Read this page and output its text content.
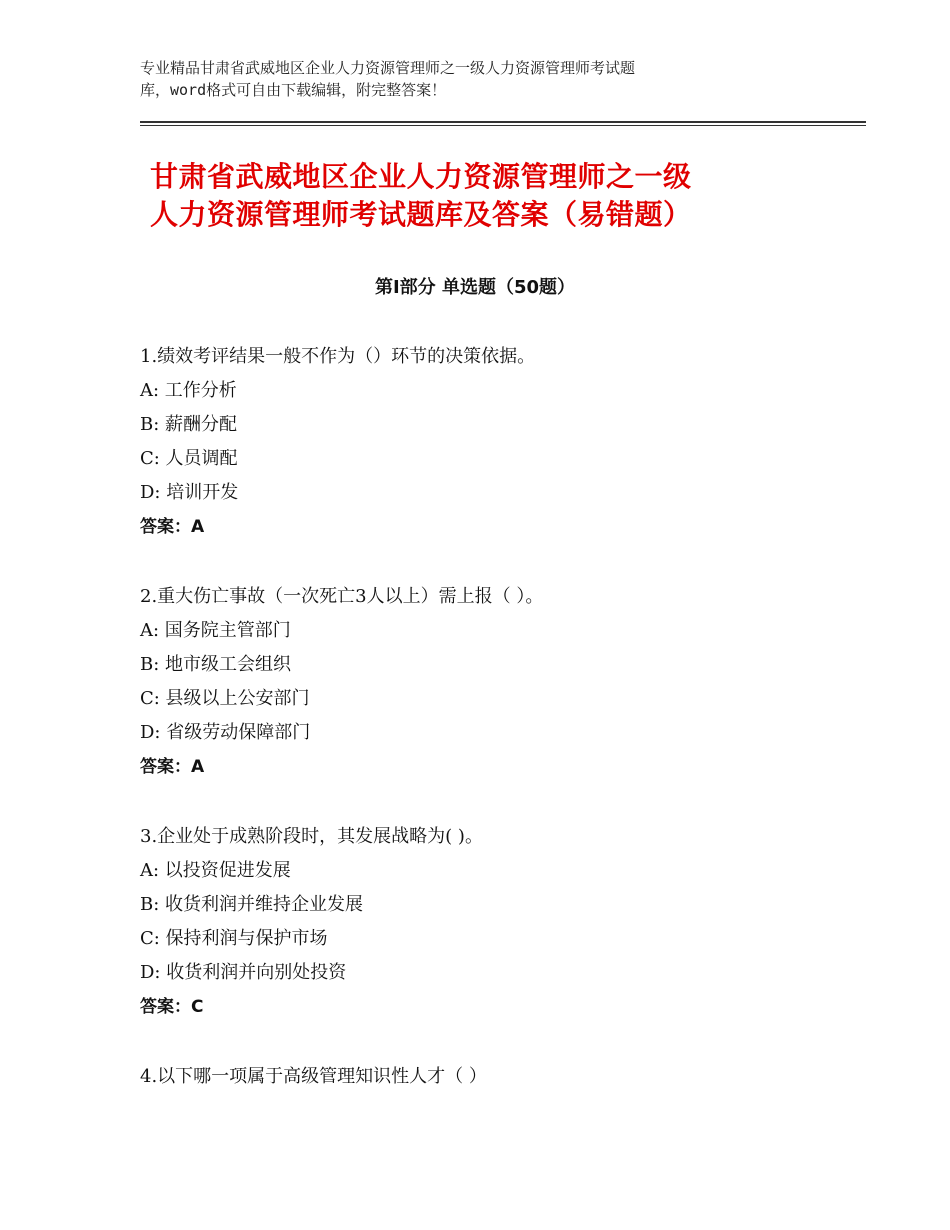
专业精品甘肃省武威地区企业人力资源管理师之一级人力资源管理师考试题
库，word格式可自由下载编辑，附完整答案！
甘肃省武威地区企业人力资源管理师之一级
人力资源管理师考试题库及答案（易错题）
第Ⅰ部分 单选题（50题）
1.绩效考评结果一般不作为（）环节的决策依据。
A: 工作分析
B: 薪酬分配
C: 人员调配
D: 培训开发
答案：A
2.重大伤亡事故（一次死亡3人以上）需上报（ ）。
A: 国务院主管部门
B: 地市级工会组织
C: 县级以上公安部门
D: 省级劳动保障部门
答案：A
3.企业处于成熟阶段时，其发展战略为( )。
A: 以投资促进发展
B: 收货利润并维持企业发展
C: 保持利润与保护市场
D: 收货利润并向别处投资
答案：C
4.以下哪一项属于高级管理知识性人才（ ）
